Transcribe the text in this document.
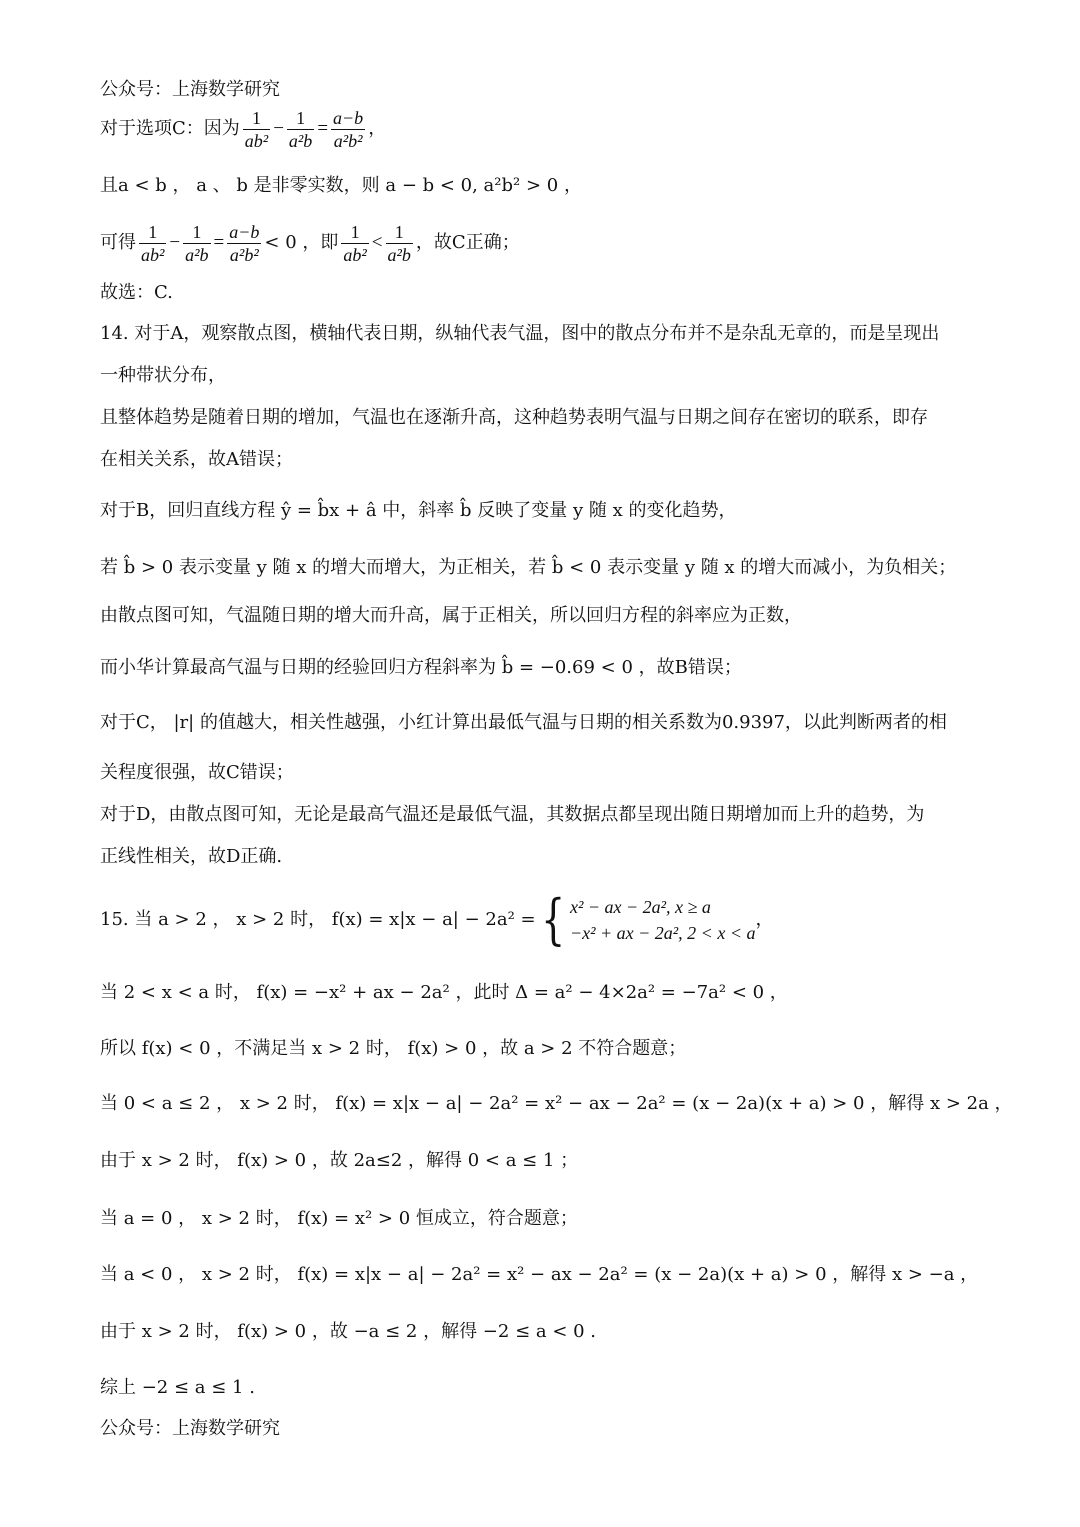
公众号：上海数学研究
对于选项C：因为 $\frac{1}{\text{ab²}} - \frac{1}{\text{a²b}} = \frac{a-b}{\text{a²b²}}$ ，
且a < b ， a 、 b 是非零实数，则 a − b < 0, a²b² > 0 ，
可得 $\frac{1}{\text{ab²}} - \frac{1}{\text{a²b}} = \frac{a-b}{\text{a²b²}} < 0$ ，即 $\frac{1}{\text{ab²}} < \frac{1}{\text{a²b}}$ ，故C正确；
故选：C.
14. 对于A，观察散点图，横轴代表日期，纵轴代表气温，图中的散点分布并不是杂乱无章的，而是呈现出
一种带状分布，
且整体趋势是随着日期的增加，气温也在逐渐升高，这种趋势表明气温与日期之间存在密切的联系，即存
在相关关系，故A错误；
对于B，回归直线方程 ŷ = b̂x + â 中，斜率 b̂ 反映了变量 y 随 x 的变化趋势，
若 b̂ > 0 表示变量 y 随 x 的增大而增大，为正相关，若 b̂ < 0 表示变量 y 随 x 的增大而减小，为负相关；
由散点图可知，气温随日期的增大而升高，属于正相关，所以回归方程的斜率应为正数，
而小华计算最高气温与日期的经验回归方程斜率为 b̂ = −0.69 < 0 ，故B错误；
对于C， |r| 的值越大，相关性越强，小红计算出最低气温与日期的相关系数为0.9397，以此判断两者的相
关程度很强，故C错误；
对于D，由散点图可知，无论是最高气温还是最低气温，其数据点都呈现出随日期增加而上升的趋势，为
正线性相关，故D正确.
15. 当 a > 2 ， x > 2 时， f(x) = x|x − a| − 2a² ={ x² − ax − 2a², x ≥ a
−x² + ax − 2a², 2 < x < a
，
当 2 < x < a 时， f(x) = −x² + ax − 2a² ，此时 Δ = a² − 4×2a² = −7a² < 0 ，
所以 f(x) < 0 ，不满足当 x > 2 时， f(x) > 0 ，故 a > 2 不符合题意；
当 0 < a ≤ 2 ， x > 2 时， f(x) = x|x − a| − 2a² = x² − ax − 2a² = (x − 2a)(x + a) > 0 ，解得 x > 2a ，
由于 x > 2 时， f(x) > 0 ，故 2a≤2 ，解得 0 < a ≤ 1 ；
当 a = 0 ， x > 2 时， f(x) = x² > 0 恒成立，符合题意；
当 a < 0 ， x > 2 时， f(x) = x|x − a| − 2a² = x² − ax − 2a² = (x − 2a)(x + a) > 0 ，解得 x > −a ，
由于 x > 2 时， f(x) > 0 ，故 −a ≤ 2 ，解得 −2 ≤ a < 0 .
综上 −2 ≤ a ≤ 1 .
公众号：上海数学研究
